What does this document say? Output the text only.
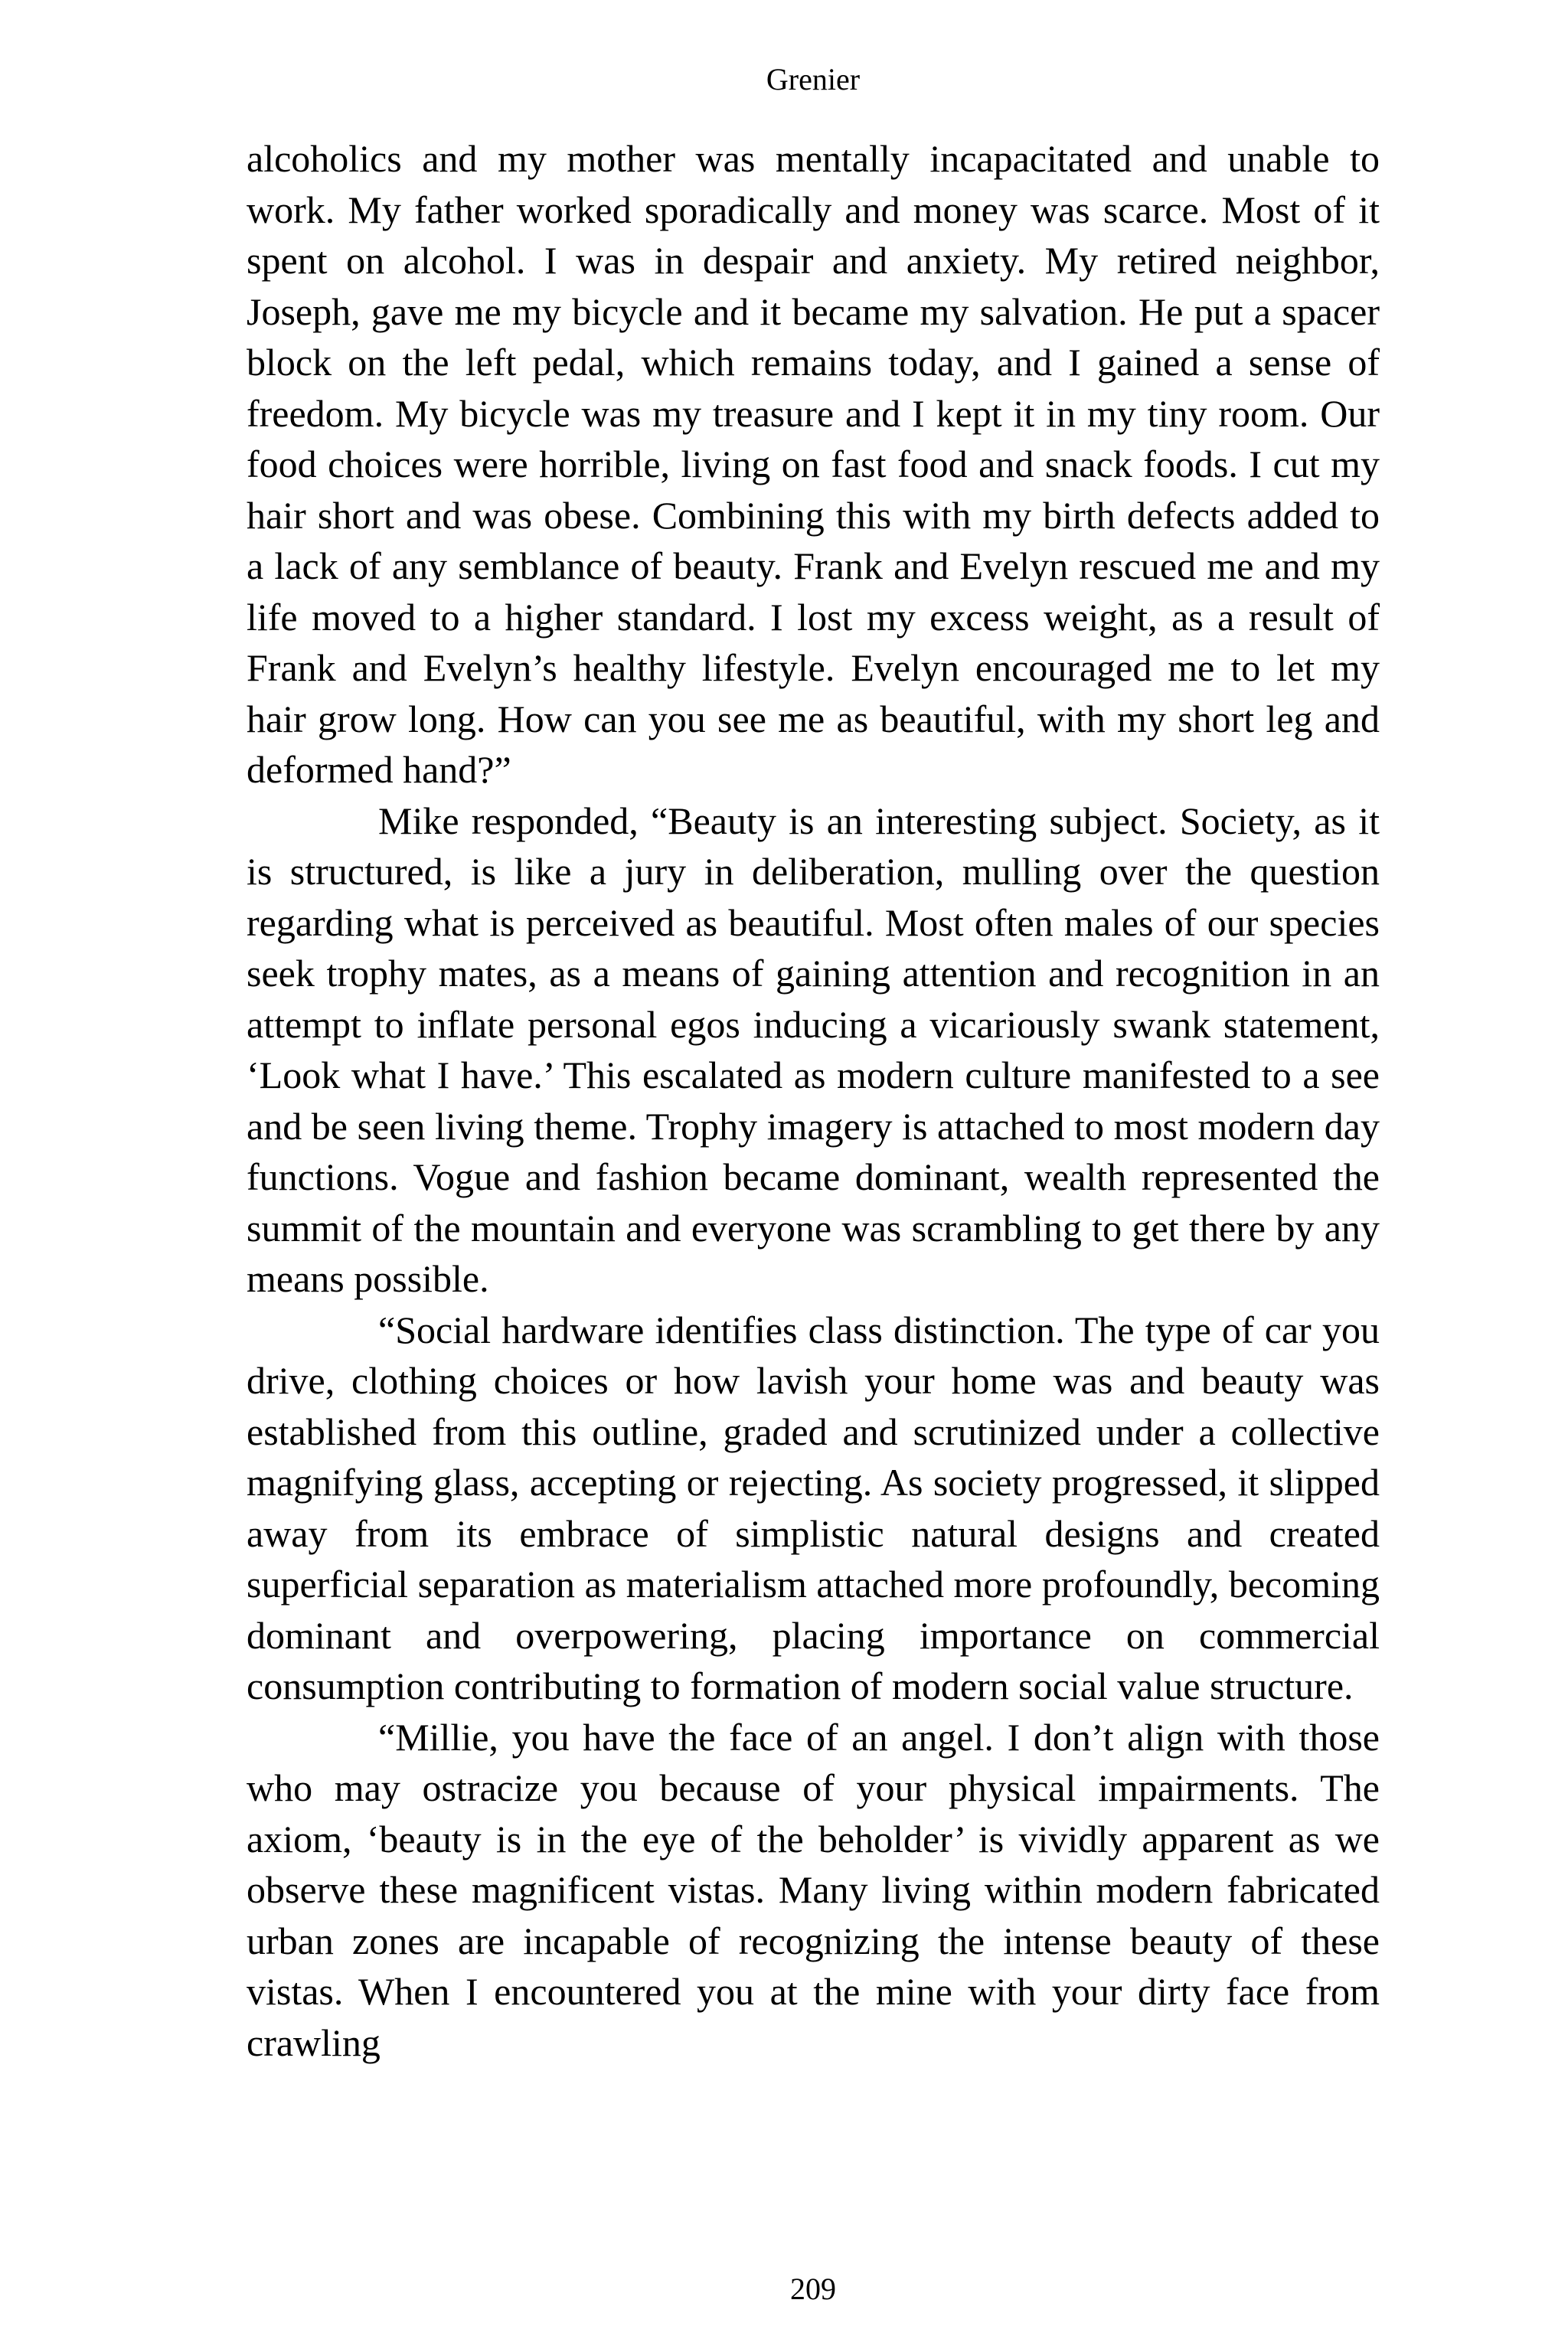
Grenier

alcoholics and my mother was mentally incapacitated and unable to work. My father worked sporadically and money was scarce. Most of it spent on alcohol. I was in despair and anxiety. My retired neighbor, Joseph, gave me my bicycle and it became my salvation. He put a spacer block on the left pedal, which remains today, and I gained a sense of freedom. My bicycle was my treasure and I kept it in my tiny room. Our food choices were horrible, living on fast food and snack foods. I cut my hair short and was obese. Combining this with my birth defects added to a lack of any semblance of beauty. Frank and Evelyn rescued me and my life moved to a higher standard. I lost my excess weight, as a result of Frank and Evelyn’s healthy lifestyle. Evelyn encouraged me to let my hair grow long. How can you see me as beautiful, with my short leg and deformed hand?”

Mike responded, “Beauty is an interesting subject. Society, as it is structured, is like a jury in deliberation, mulling over the question regarding what is perceived as beautiful. Most often males of our species seek trophy mates, as a means of gaining attention and recognition in an attempt to inflate personal egos inducing a vicariously swank statement, ‘Look what I have.’ This escalated as modern culture manifested to a see and be seen living theme. Trophy imagery is attached to most modern day functions. Vogue and fashion became dominant, wealth represented the summit of the mountain and everyone was scrambling to get there by any means possible.

“Social hardware identifies class distinction. The type of car you drive, clothing choices or how lavish your home was and beauty was established from this outline, graded and scrutinized under a collective magnifying glass, accepting or rejecting. As society progressed, it slipped away from its embrace of simplistic natural designs and created superficial separation as materialism attached more profoundly, becoming dominant and overpowering, placing importance on commercial consumption contributing to formation of modern social value structure.

“Millie, you have the face of an angel. I don’t align with those who may ostracize you because of your physical impairments. The axiom, ‘beauty is in the eye of the beholder’ is vividly apparent as we observe these magnificent vistas. Many living within modern fabricated urban zones are incapable of recognizing the intense beauty of these vistas. When I encountered you at the mine with your dirty face from crawling

209
